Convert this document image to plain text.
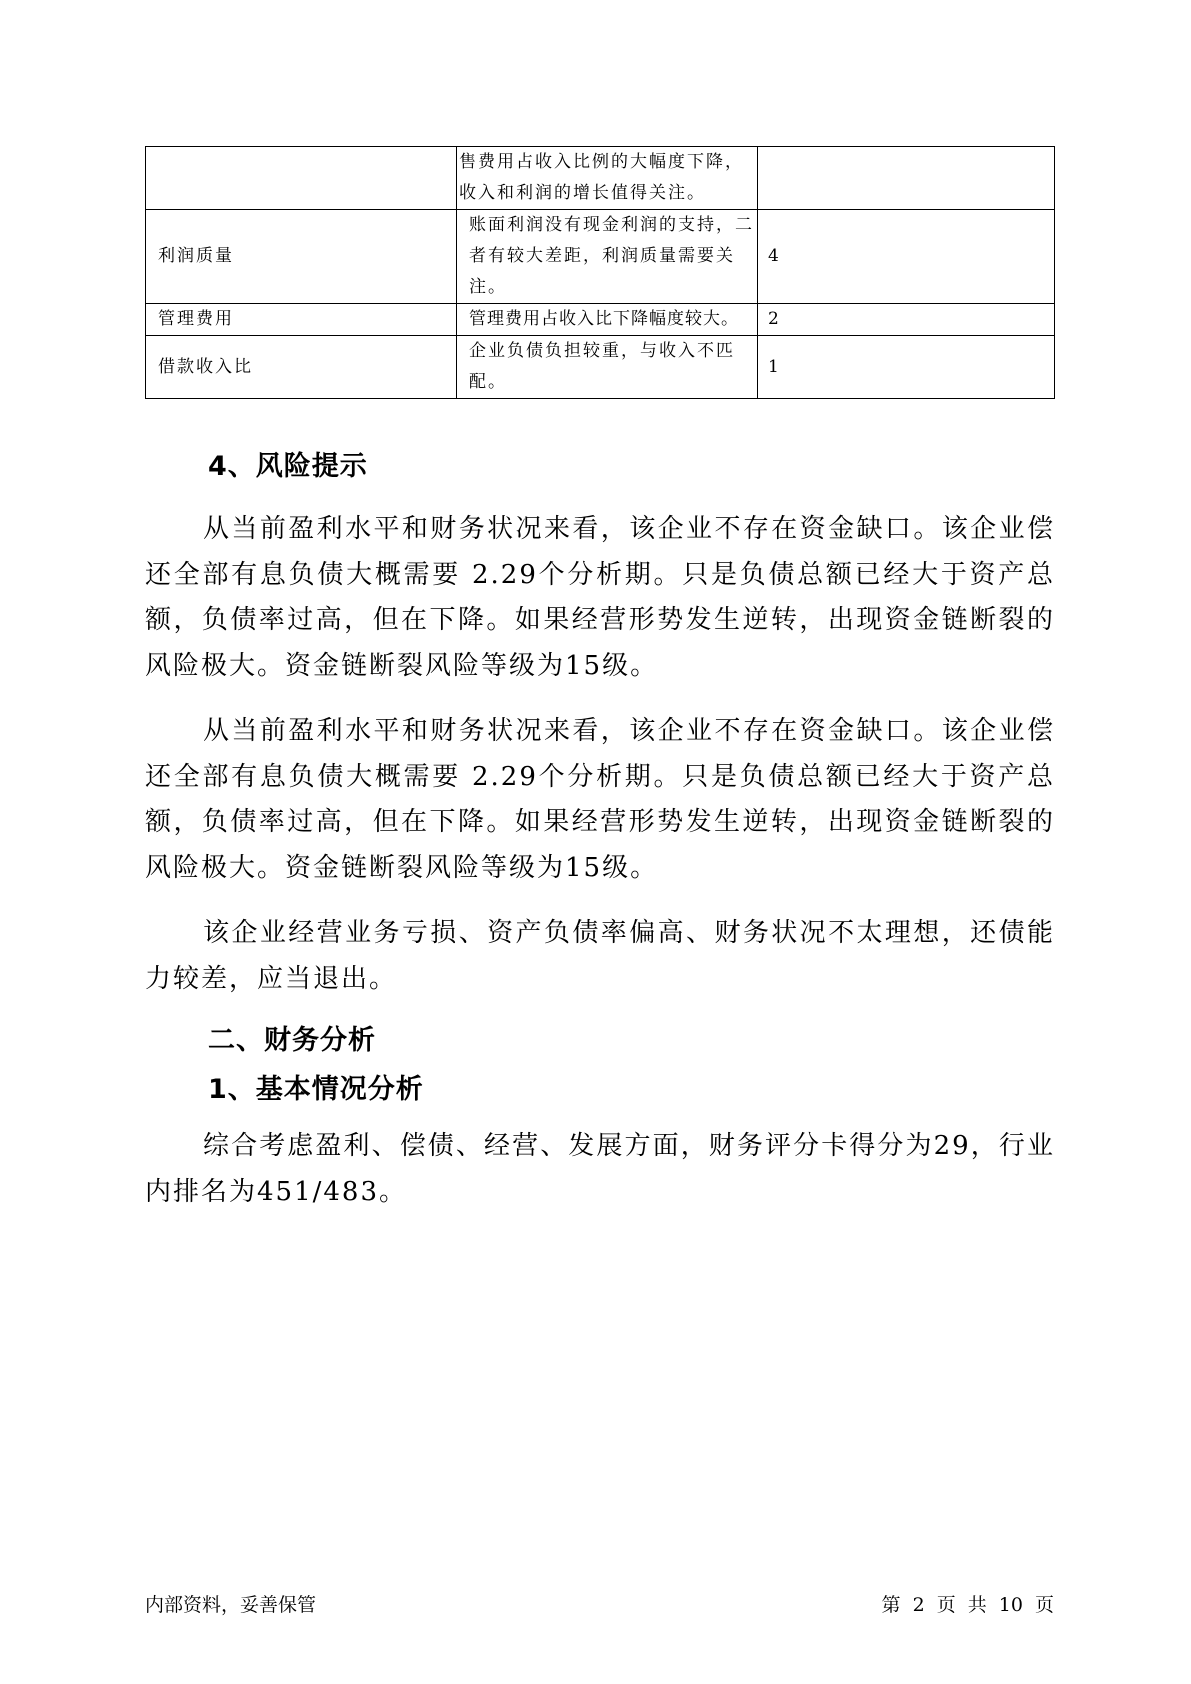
	售费用占收入比例的大幅度下降，收入和利润的增长值得关注。	
利润质量	账面利润没有现金利润的支持，二者有较大差距，利润质量需要关注。	4
管理费用	管理费用占收入比下降幅度较大。	2
借款收入比	企业负债负担较重，与收入不匹配。	1
4、风险提示

从当前盈利水平和财务状况来看，该企业不存在资金缺口。该企业偿还全部有息负债大概需要 2.29个分析期。只是负债总额已经大于资产总额，负债率过高，但在下降。如果经营形势发生逆转，出现资金链断裂的风险极大。资金链断裂风险等级为15级。

从当前盈利水平和财务状况来看，该企业不存在资金缺口。该企业偿还全部有息负债大概需要 2.29个分析期。只是负债总额已经大于资产总额，负债率过高，但在下降。如果经营形势发生逆转，出现资金链断裂的风险极大。资金链断裂风险等级为15级。

该企业经营业务亏损、资产负债率偏高、财务状况不太理想，还债能力较差，应当退出。

二、财务分析
1、基本情况分析

综合考虑盈利、偿债、经营、发展方面，财务评分卡得分为29，行业内排名为451/483。

内部资料，妥善保管	第 2 页 共 10 页
